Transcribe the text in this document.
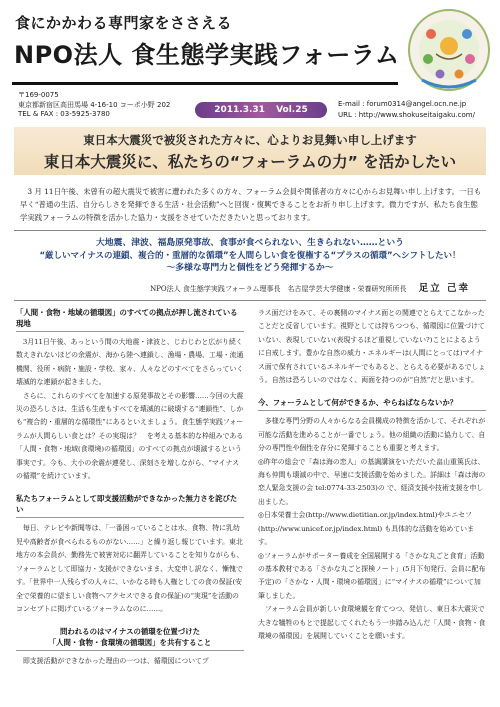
食にかかわる専門家をささえる
NPO法人 食生態学実践フォーラム
〒169-0075
東京都新宿区高田馬場 4-16-10 コーポ小野 202
TEL & FAX : 03-5925-3780	2011.3.31 Vol.25
E-mail : forum0314@angel.ocn.ne.jp
URL : http://www.shokuseitaigaku.com/
東日本大震災で被災された方々に、心よりお見舞い申し上げます
東日本大震災に、私たちの“フォーラムの力” を活かしたい
3 月 11日午後、未曾有の超大震災で被害に遭われた多くの方々、フォーラム会員や関係者の方々に心からお見舞い申し上げます。一日も早く“普通の生活、自分らしさを発揮できる生活・社会活動”へと回復・復興できることをお祈り申し上げます。微力ですが、私たち食生態学実践フォーラムの特徴を活かした協力・支援をさせていただきたいと思っております。
大地震、津波、福島原発事故、食事が食べられない、生きられない……という
“厳しいマイナスの連鎖、複合的・重層的な循環”を人間らしい食を復権する“プラスの循環”へシフトしたい！
〜多様な専門力と個性をどう発揮するか〜
NPO法人 食生態学実践フォーラム理事長　名古屋学芸大学健康・栄養研究所所長 足立 己幸
「人間・食物・地域の循環図」のすべての拠点が押し流されている現地
3月11日午後、あっという間の大地震・津波と、じわじわと広がり続く数えきれないほどの余震が、海から陸へ連鎖し、漁場・農場、工場・流通機関、役所・病院・施設・学校、家々、人々などのすべてをさらっていく壊滅的な連鎖が起きました。
さらに、これらのすべてを加速する原発事故とその影響……今回の大震災の恐ろしさは、生活も生産もすべてを壊滅的に破壊する“連鎖性”、しかも“複合的・重層的な循環性”にあるといえましょう。食生態学実践フォーラムが人間らしい食とは？その実現は？　を考える基本的な枠組みである「人間・食物・地域(食環境)の循環図」のすべての拠点が壊滅するという事実です。今も、大小の余震が連発し、深刻さを増しながら、“マイナスの循環”を続けています。
私たちフォーラムとして即支援活動ができなかった無力さを詫びたい
毎日、テレビや新聞等は、「一番困っていることは水、食物、特に乳幼児や高齢者が食べられるものがない……」と繰り返し報じています。東北地方の本会員が、勤務先で被害対応に翻弄していることを知りながらも、フォーラムとして即協力・支援ができないまま、大変申し訳なく、慚愧です。「世界中一人残らずの人々に、いかなる時も人権としての食の保証(安全で栄養的に望ましい食物へアクセスできる食の保証)の“実現”を活動のコンセプトに掲げているフォーラムなのに……。
問われるのはマイナスの循環を位置づけた
「人間・食物・食環境の循環図」を共有すること
即支援活動ができなかった理由の一つは、循環図についてプ
ラス面だけをみて、その裏側のマイナス面との関連でとらえてこなかったことだと反省しています。視野としては持ちつつも、循環図に位置づけていない、表現していない(表現するほど重視していない?)ことによるように自戒します。豊かな自然の威力・エネルギーは(人間にとっては)マイナス面で保有されているエネルギーでもあると、とらえる必要があるでしょう。自然は恐ろしいのではなく、両面を持つのが“自然”だと思います。
今、フォーラムとして何ができるか、やらねばならないか？
多様な専門分野の人々からなる会員構成の特徴を活かして、それぞれが可能な活動を進めることが一番でしょう。他の組織の活動に協力して、自分の専門性や個性を存分に発揮することも重要と考えます。
◎昨年の総会で「森は海の恋人」の基調講演をいただいた畠山重篤氏は、海も仲間も壊滅の中で、早速に支援活動を始めました。詳細は「森は海の恋人緊急支援の会 tel:0774-33-2503)の で、経済支援や技術支援を申し出ました。
◎日本栄養士会(http://www.dietitian.or.jp/index.html)やユニセフ(http://www.unicef.or.jp/index.html) も具体的な活動を始めています。
◎フォーラムがサポーター養成を全国展開する「さかな丸ごと食育」活動の基本教材である「さかな丸ごと探検ノート」(5月下旬発行、会員に配布予定)の「さかな・人間・環境の循環図」に“マイナスの循環”について加筆しました。
フォーラム会員が新しい食環境観を育てつつ、発信し、東日本大震災で大きな犠牲のもとで提起してくれたもう一歩踏み込んだ「人間・食物・食環境の循環図」を展開していくことを願います。
